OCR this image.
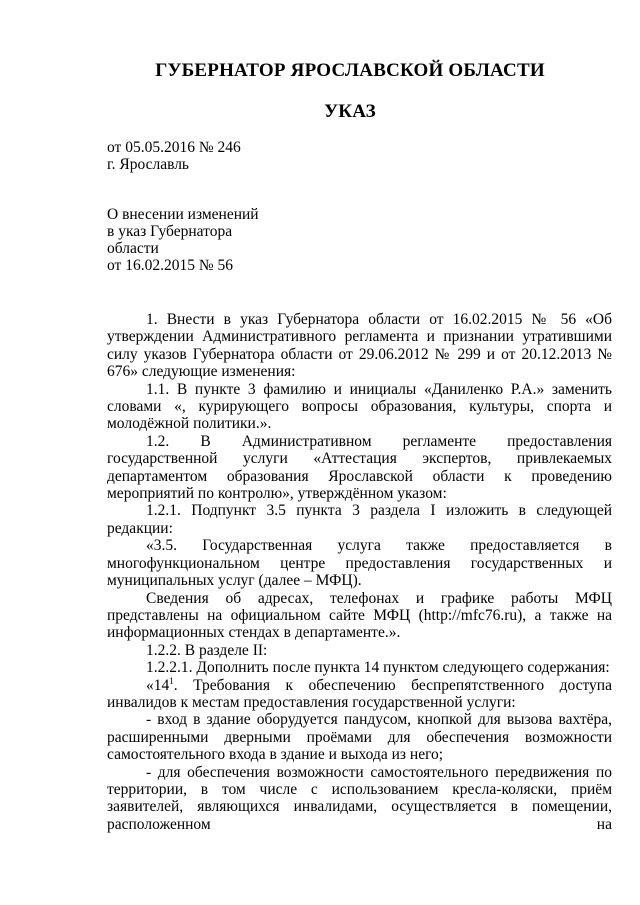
ГУБЕРНАТОР ЯРОСЛАВСКОЙ ОБЛАСТИ
УКАЗ
от 05.05.2016 № 246
г. Ярославль
О внесении изменений
в указ Губернатора
области
от 16.02.2015 № 56

1. Внести в указ Губернатора области от 16.02.2015 № 56 «Об утверждении Административного регламента и признании утратившими силу указов Губернатора области от 29.06.2012 № 299 и от 20.12.2013 № 676» следующие изменения:

1.1. В пункте 3 фамилию и инициалы «Даниленко Р.А.» заменить словами «, курирующего вопросы образования, культуры, спорта и молодёжной политики.».

1.2. В Административном регламенте предоставления государственной услуги «Аттестация экспертов, привлекаемых департаментом образования Ярославской области к проведению мероприятий по контролю», утверждённом указом:

1.2.1. Подпункт 3.5 пункта 3 раздела I изложить в следующей редакции:

«3.5. Государственная услуга также предоставляется в многофункциональном центре предоставления государственных и муниципальных услуг (далее – МФЦ).

Сведения об адресах, телефонах и графике работы МФЦ представлены на официальном сайте МФЦ (http://mfc76.ru), а также на информационных стендах в департаменте.».

1.2.2. В разделе II:

1.2.2.1. Дополнить после пункта 14 пунктом следующего содержания:

«$14^1$. Требования к обеспечению беспрепятственного доступа инвалидов к местам предоставления государственной услуги:

- вход в здание оборудуется пандусом, кнопкой для вызова вахтёра, расширенными дверными проёмами для обеспечения возможности самостоятельного входа в здание и выхода из него;

- для обеспечения возможности самостоятельного передвижения по территории, в том числе с использованием кресла-коляски, приём заявителей, являющихся инвалидами, осуществляется в помещении, расположенном на
